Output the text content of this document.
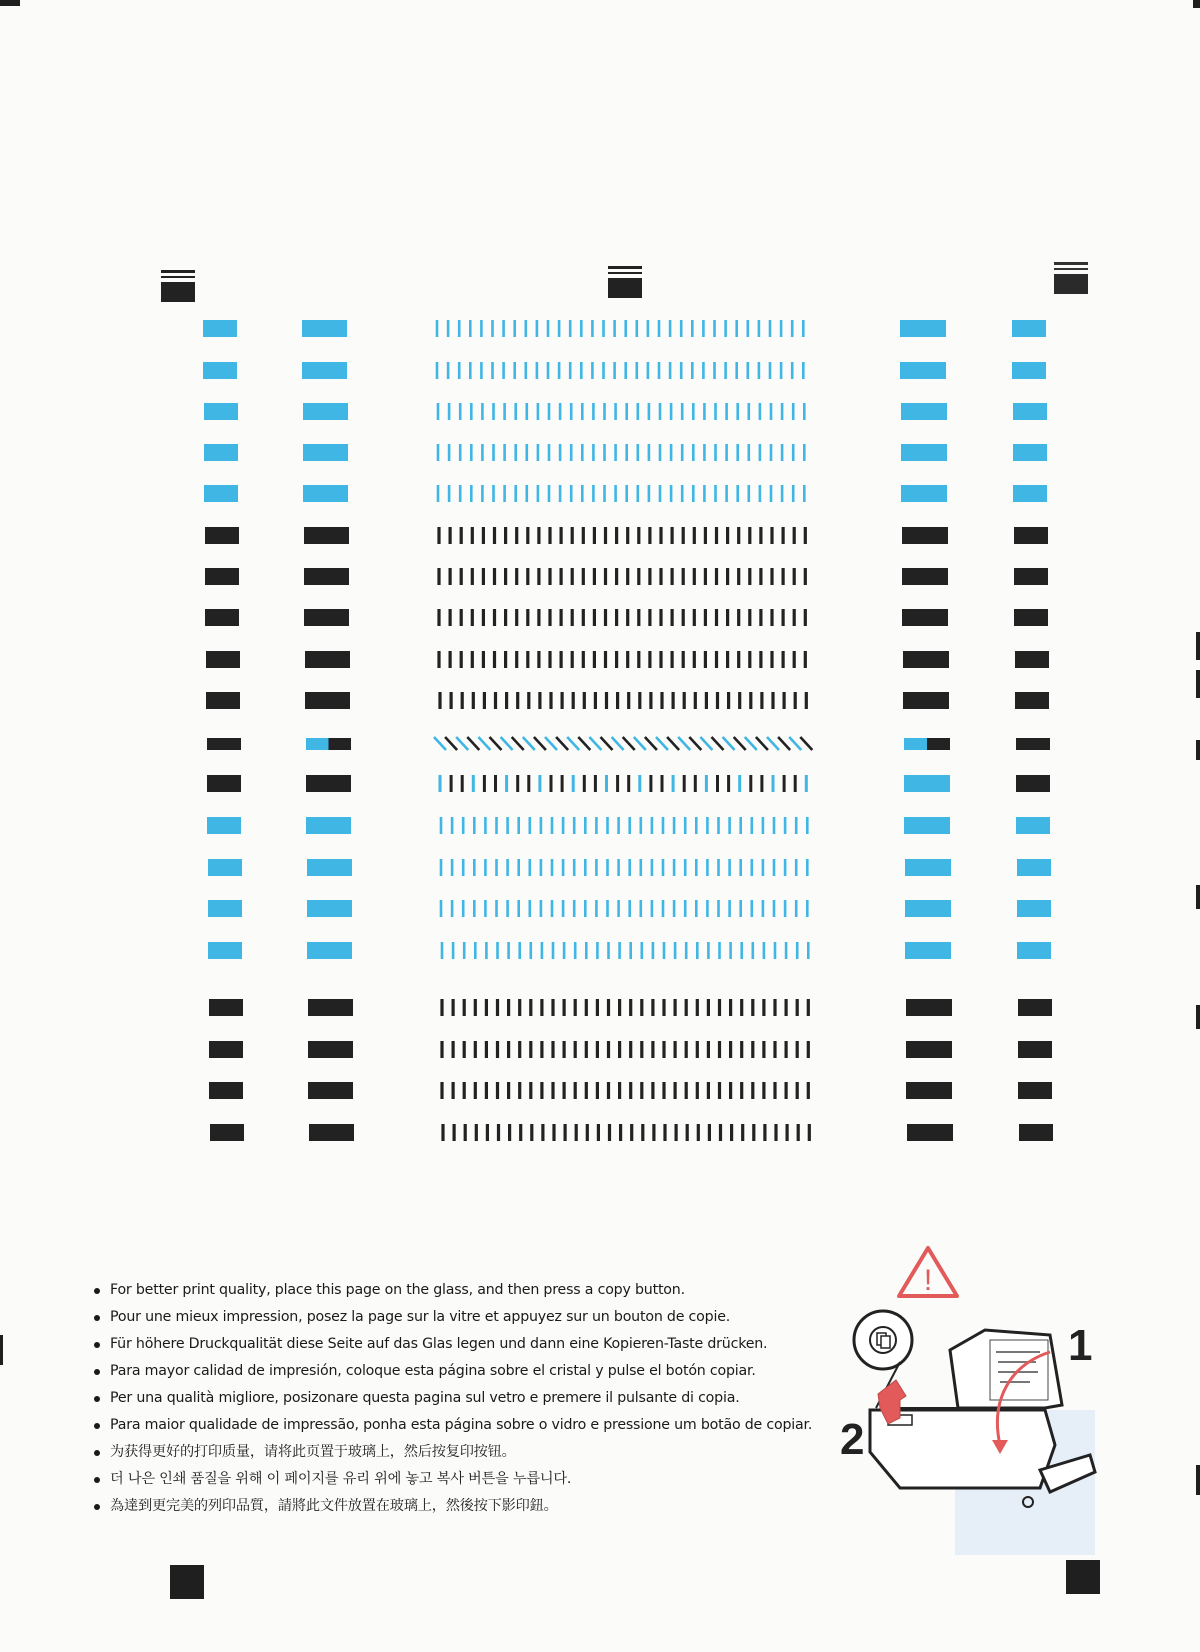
For better print quality, place this page on the glass, and then press a copy button.
Pour une mieux impression, posez la page sur la vitre et appuyez sur un bouton de copie.
Für höhere Druckqualität diese Seite auf das Glas legen und dann eine Kopieren-Taste drücken.
Para mayor calidad de impresión, coloque esta página sobre el cristal y pulse el botón copiar.
Per una qualità migliore, posizonare questa pagina sul vetro e premere il pulsante di copia.
Para maior qualidade de impressão, ponha esta página sobre o vidro e pressione um botão de copiar.
为获得更好的打印质量，请将此页置于玻璃上，然后按复印按钮。
더 나은 인쇄 품질을 위해 이 페이지를 유리 위에 놓고 복사 버튼을 누릅니다.
為達到更完美的列印品質，請將此文件放置在玻璃上，然後按下影印鈕。
!
1
2
